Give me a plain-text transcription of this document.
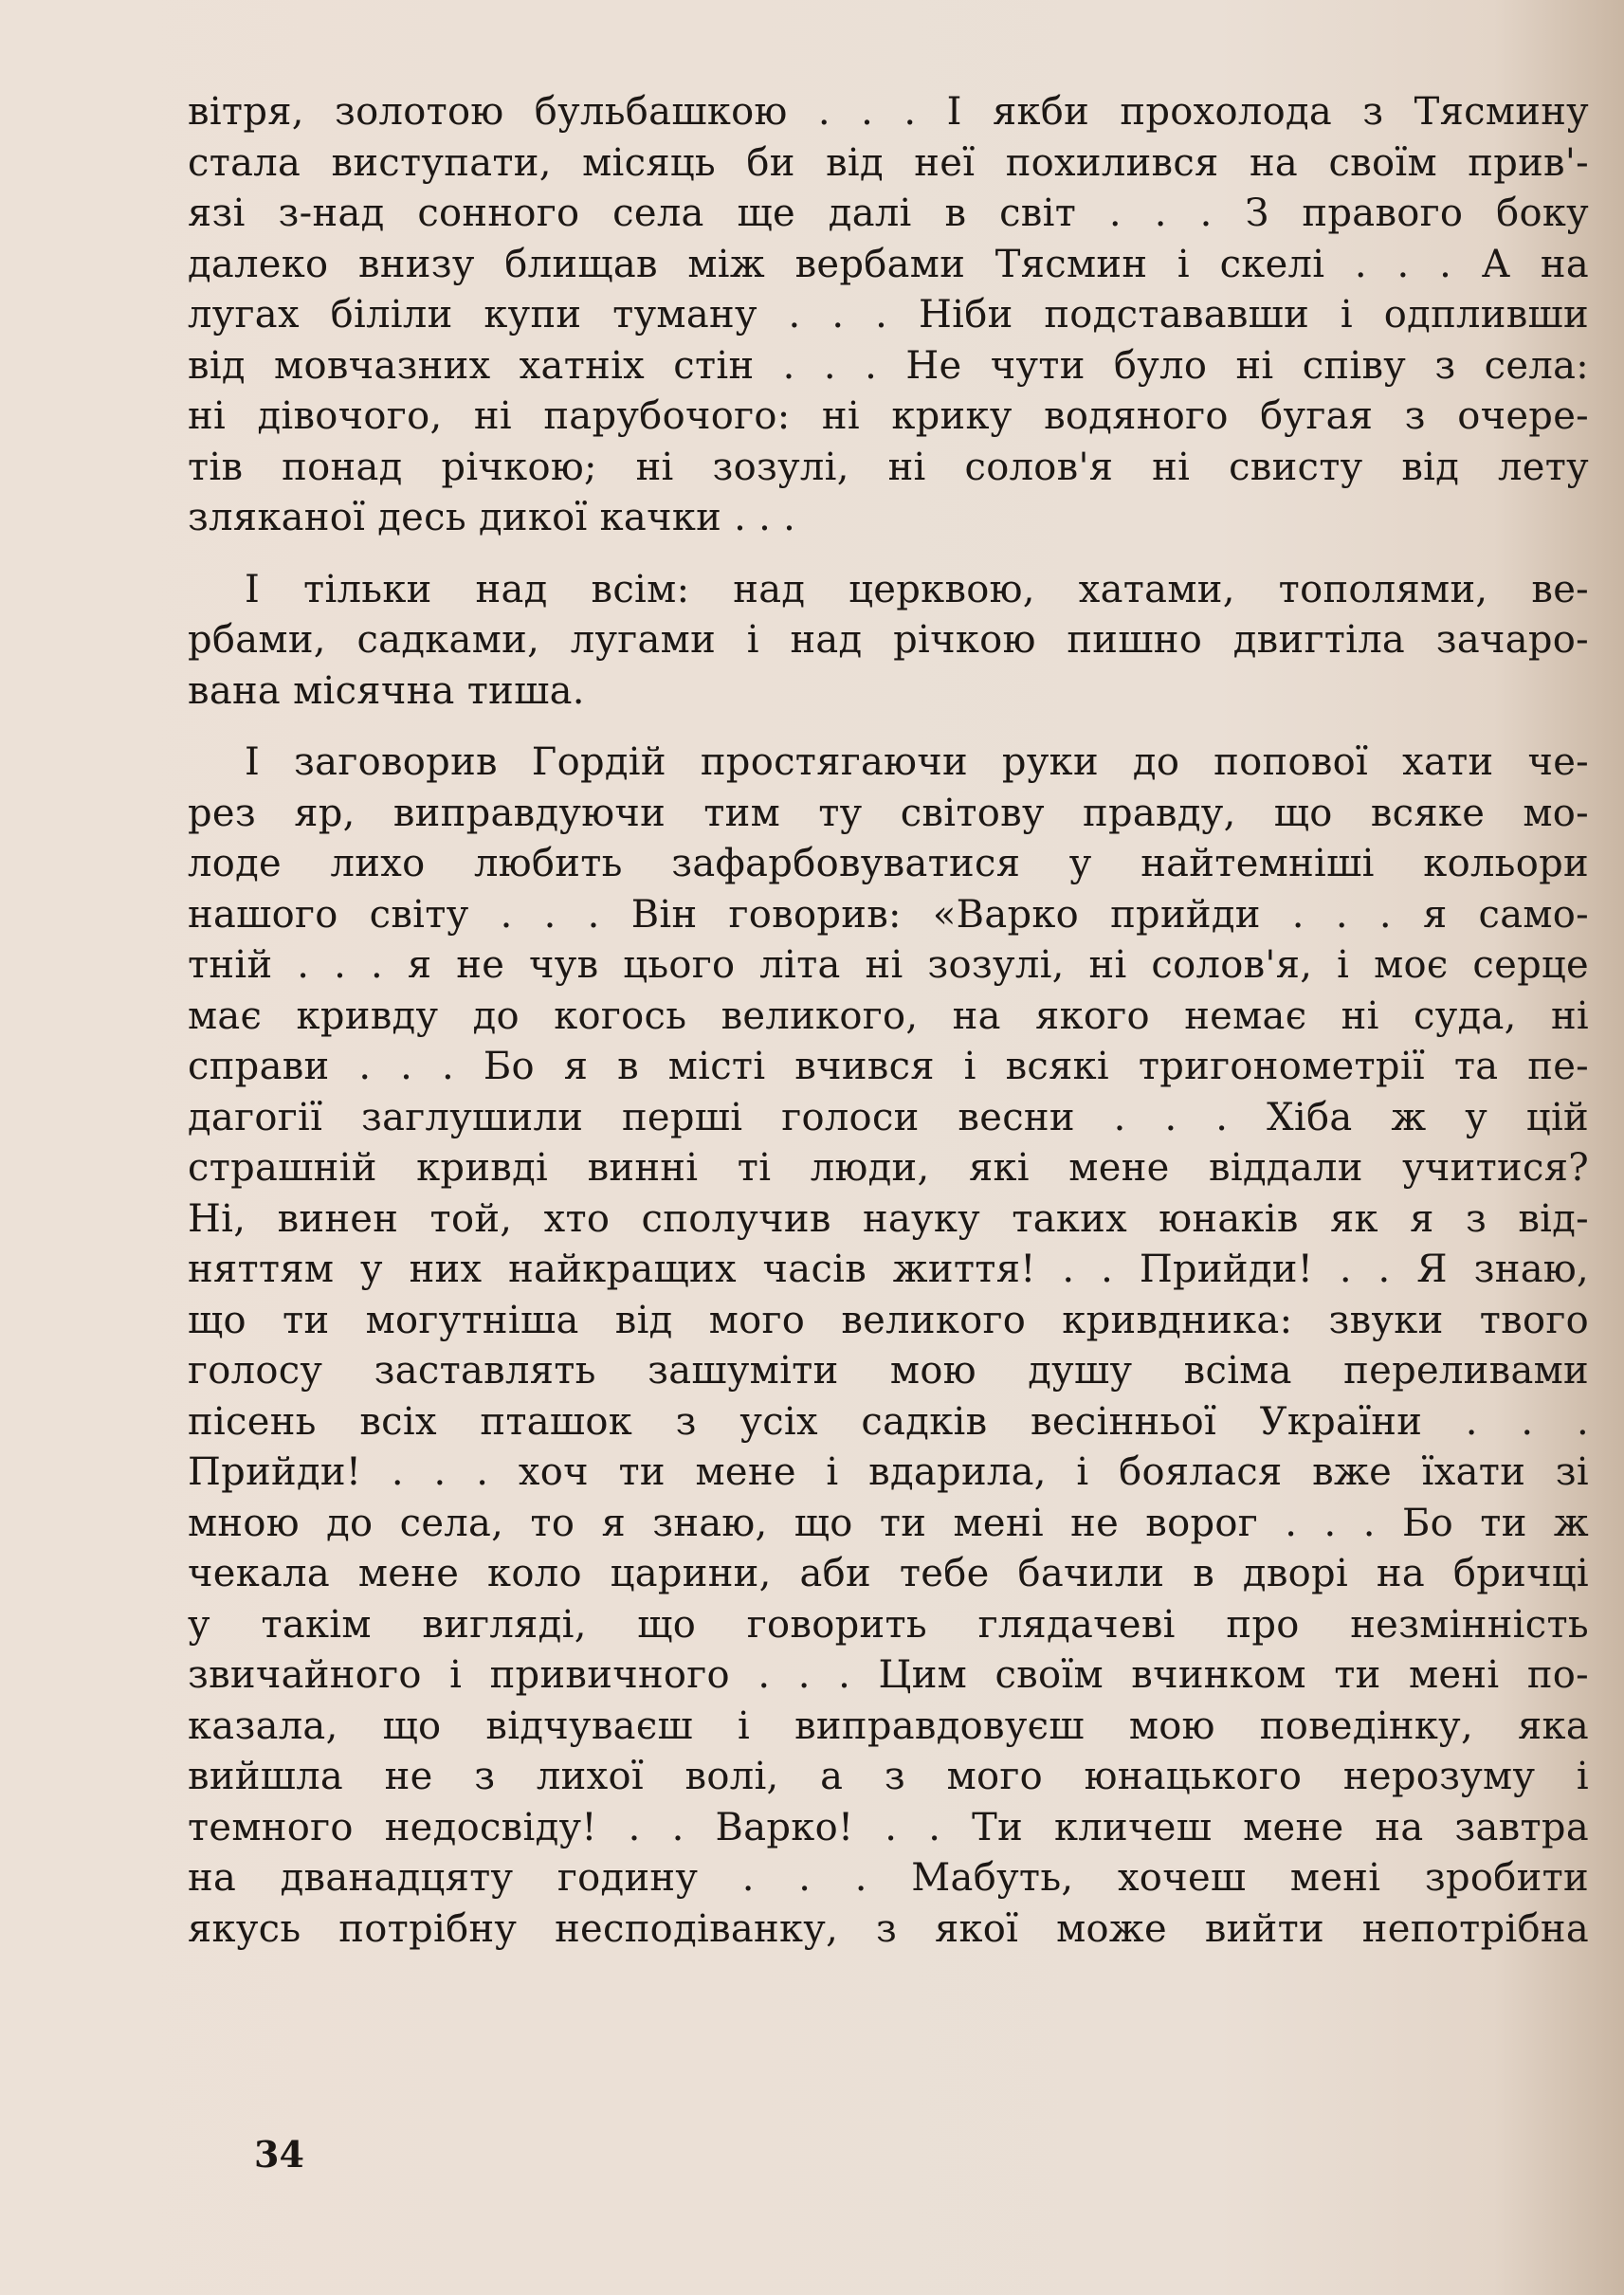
вітря, золотою бульбашкою . . . І якби прохолода з Тясмину
стала виступати, місяць би від неї похилився на своїм прив'-
язі з-над сонного села ще далі в світ . . . З правого боку
далеко внизу блищав між вербами Тясмин і скелі . . . А на
лугах біліли купи туману . . . Ніби подстававши і одпливши
від мовчазних хатніх стін . . . Не чути було ні співу з села:
ні дівочого, ні парубочого: ні крику водяного бугая з очере-
тів понад річкою; ні зозулі, ні солов'я ні свисту від лету
зляканої десь дикої качки . . .
І тільки над всім: над церквою, хатами, тополями, ве-
рбами, садками, лугами і над річкою пишно двигтіла зачаро-
вана місячна тиша.
І заговорив Гордій простягаючи руки до попової хати че-
рез яр, виправдуючи тим ту світову правду, що всяке мо-
лоде лихо любить зафарбовуватися у найтемніші кольори
нашого світу . . . Він говорив: «Варко прийди . . . я само-
тній . . . я не чув цього літа ні зозулі, ні солов'я, і моє серце
має кривду до когось великого, на якого немає ні суда, ні
справи . . . Бо я в місті вчився і всякі тригонометрії та пе-
дагогії заглушили перші голоси весни . . . Хіба ж у цій
страшній кривді винні ті люди, які мене віддали учитися?
Ні, винен той, хто сполучив науку таких юнаків як я з від-
няттям у них найкращих часів життя! . . Прийди! . . Я знаю,
що ти могутніша від мого великого кривдника: звуки твого
голосу заставлять зашуміти мою душу всіма переливами
пісень всіх пташок з усіх садків весінньої України . . .
Прийди! . . . хоч ти мене і вдарила, і боялася вже їхати зі
мною до села, то я знаю, що ти мені не ворог . . . Бо ти ж
чекала мене коло царини, аби тебе бачили в дворі на бричці
у такім вигляді, що говорить глядачеві про незмінність
звичайного і привичного . . . Цим своїм вчинком ти мені по-
казала, що відчуваєш і виправдовуєш мою поведінку, яка
вийшла не з лихої волі, а з мого юнацького нерозуму і
темного недосвіду! . . Варко! . . Ти кличеш мене на завтра
на дванадцяту годину . . . Мабуть, хочеш мені зробити
якусь потрібну несподіванку, з якої може вийти непотрібна
34
